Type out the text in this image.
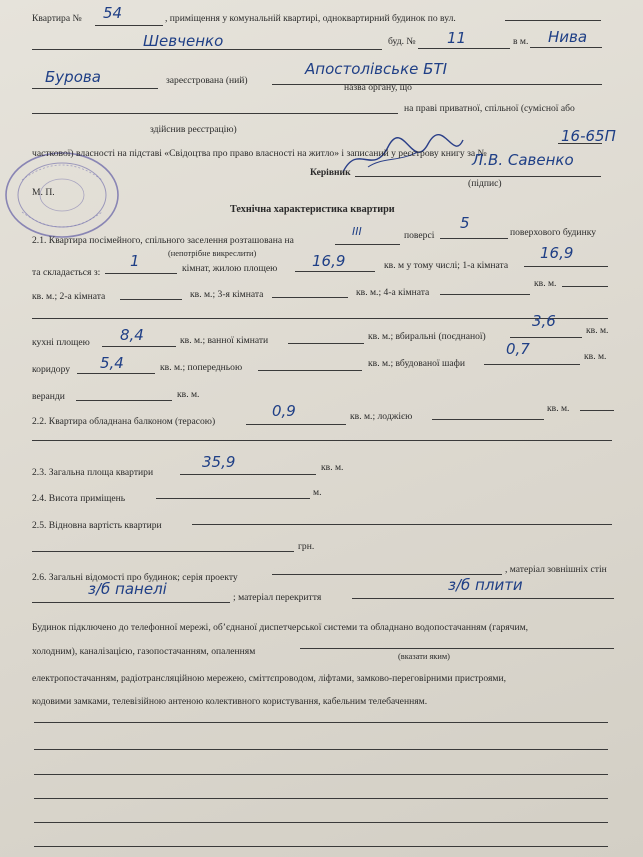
Квартира № 54	, приміщення у комунальній квартирі, одноквартирний будинок по вул.
Шевченко	буд. № 11	в м. Нива
Бурова	зареєстрована (ний)
Апостолівське БТІ
назва органу, що
на праві приватної, спільної (сумісної або
здійснив реєстрацію)
часткової) власності на підставі «Свідоцтва про право власності на житло» і записаний у реєстрову книгу за №
16-65П
Керівник
Л.В. Савенко
(підпис)
М. П.
Технічна характеристика квартири
2.1. Квартира посімейного, спільного заселення розташована на
III	поверсі
5
поверхового будинку
(непотрібне викреслити)
та складається з:
1	кімнат, жилою площею 16,9	кв. м у тому числі; 1-а кімната
16,9
кв. м.
кв. м.; 2-а кімната	кв. м.; 3-я кімната	кв. м.; 4-а кімната
кухні площею 8,4	кв. м.; ванної кімнати	кв. м.; вбиральні (поєднаної)
3,6
кв. м.
коридору 5,4	кв. м.; попередньою	кв. м.; вбудованої шафи
0,7	кв. м.
веранди	кв. м.
2.2. Квартира обладнана балконом (терасою)
0,9	кв. м.; лоджією
кв. м.
2.3. Загальна площа квартири
35,9	кв. м.
2.4. Висота приміщень
м.
2.5. Відновна вартість квартири
грн.
2.6. Загальні відомості про будинок; серія проекту
, матеріал зовнішніх стін
з/б панелі	; матеріал перекриття
з/б плити
Будинок підключено до телефонної мережі, об’єднаної диспетчерської системи та обладнано водопостачанням (гарячим,
холодним), каналізацією, газопостачанням, опаленням	(вказати яким)
електропостачанням, радіотрансляційною мережею, сміттєпроводом, ліфтами, замково-переговірними пристроями,
кодовими замками, телевізійною антеною колективного користування, кабельним телебаченням.
